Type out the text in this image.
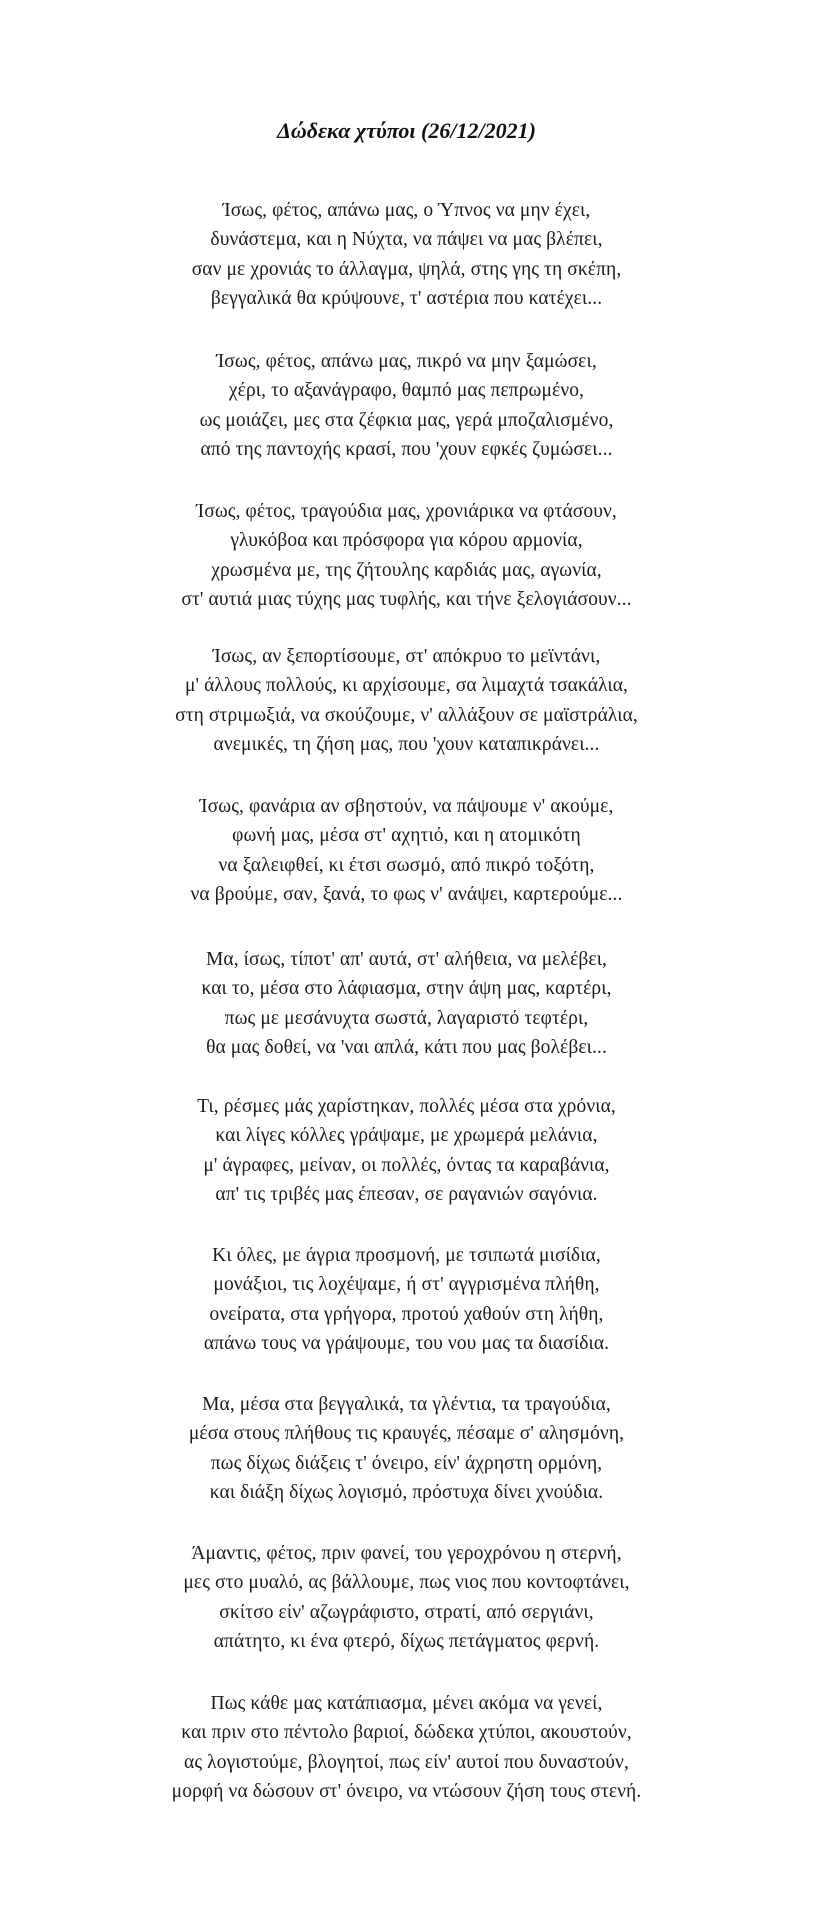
Δώδεκα χτύποι (26/12/2021)
Ίσως, φέτος, απάνω μας, ο Ύπνος να μην έχει,
δυνάστεμα, και η Νύχτα, να πάψει να μας βλέπει,
σαν με χρονιάς το άλλαγμα, ψηλά, στης γης τη σκέπη,
βεγγαλικά θα κρύψουνε, τ' αστέρια που κατέχει...
Ίσως, φέτος, απάνω μας, πικρό να μην ξαμώσει,
χέρι, το αξανάγραφο, θαμπό μας πεπρωμένο,
ως μοιάζει, μες στα ζέφκια μας, γερά μποζαλισμένο,
από της παντοχής κρασί, που 'χουν εφκές ζυμώσει...
Ίσως, φέτος, τραγούδια μας, χρονιάρικα να φτάσουν,
γλυκόβοα και πρόσφορα για κόρου αρμονία,
χρωσμένα με, της ζήτουλης καρδιάς μας, αγωνία,
στ' αυτιά μιας τύχης μας τυφλής, και τήνε ξελογιάσουν...
Ίσως, αν ξεπορτίσουμε, στ' απόκρυο το μεϊντάνι,
μ' άλλους πολλούς, κι αρχίσουμε, σα λιμαχτά τσακάλια,
στη στριμωξιά, να σκούζουμε, ν' αλλάξουν σε μαϊστράλια,
ανεμικές, τη ζήση μας, που 'χουν καταπικράνει...
Ίσως, φανάρια αν σβηστούν, να πάψουμε ν' ακούμε,
φωνή μας, μέσα στ' αχητιό, και η ατομικότη
να ξαλειφθεί, κι έτσι σωσμό, από πικρό τοξότη,
να βρούμε, σαν, ξανά, το φως ν' ανάψει, καρτερούμε...
Μα, ίσως, τίποτ' απ' αυτά, στ' αλήθεια, να μελέβει,
και το, μέσα στο λάφιασμα, στην άψη μας, καρτέρι,
πως με μεσάνυχτα σωστά, λαγαριστό τεφτέρι,
θα μας δοθεί, να 'ναι απλά, κάτι που μας βολέβει...
Τι, ρέσμες μάς χαρίστηκαν, πολλές μέσα στα χρόνια,
και λίγες κόλλες γράψαμε, με χρωμερά μελάνια,
μ' άγραφες, μείναν, οι πολλές, όντας τα καραβάνια,
απ' τις τριβές μας έπεσαν, σε ραγανιών σαγόνια.
Κι όλες, με άγρια προσμονή, με τσιπωτά μισίδια,
μονάξιοι, τις λοχέψαμε, ή στ' αγγρισμένα πλήθη,
ονείρατα, στα γρήγορα, προτού χαθούν στη λήθη,
απάνω τους να γράψουμε, του νου μας τα διασίδια.
Μα, μέσα στα βεγγαλικά, τα γλέντια, τα τραγούδια,
μέσα στους πλήθους τις κραυγές, πέσαμε σ' αλησμόνη,
πως δίχως διάξεις τ' όνειρο, είν' άχρηστη ορμόνη,
και διάξη δίχως λογισμό, πρόστυχα δίνει χνούδια.
Άμαντις, φέτος, πριν φανεί, του γεροχρόνου η στερνή,
μες στο μυαλό, ας βάλλουμε, πως νιος που κοντοφτάνει,
σκίτσο είν' αζωγράφιστο, στρατί, από σεργιάνι,
απάτητο, κι ένα φτερό, δίχως πετάγματος φερνή.
Πως κάθε μας κατάπιασμα, μένει ακόμα να γενεί,
και πριν στο πέντολο βαριοί, δώδεκα χτύποι, ακουστούν,
ας λογιστούμε, βλογητοί, πως είν' αυτοί που δυναστούν,
μορφή να δώσουν στ' όνειρο, να ντώσουν ζήση τους στενή.
